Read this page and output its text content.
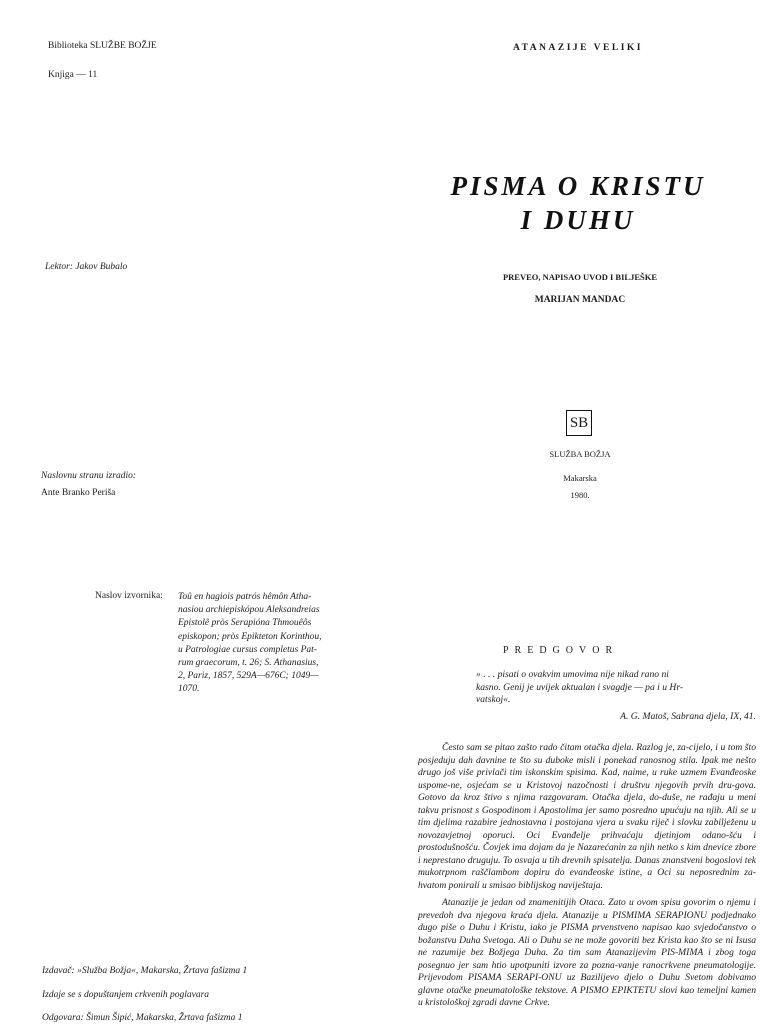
Biblioteka SLUŽBE BOŽJE
Knjiga — 11
Lektor: Jakov Bubalo
Naslovnu stranu izradio:
Ante Branko Periša
Naslov izvornika: Toû en hagiois patrós hêmôn Atha-
nasiou archiepiskópou Aleksandreias
Epistolê pròs Serapióna Thmouêôs
episkopon; pròs Epikteton Korinthou,
u Patrologiae cursus completus Pat-
rum graecorum, t. 26; S. Athanasius,
2, Pariz, 1857, 529A—676C; 1049—
1070.
Izdavač: »Služba Božja«, Makarska, Žrtava fašizma 1
Izdaje se s dopuštanjem crkvenih poglavara
Odgovara: Šimun Šipić, Makarska, Žrtava fašizma 1
ATANAZIJE VELIKI
PISMA O KRISTU
I DUHU
PREVEO, NAPISAO UVOD I BILJEŠKE
MARIJAN MANDAC
SB
SLUŽBA BOŽJA
Makarska
1980.
PREDGOVOR
» . . . pisati o ovakvim umovima nije nikad rano ni
kasno. Genij je uvijek aktualan i svagdje — pa i u Hr-
vatskoj«.
A. G. Matoš, Sabrana djela, IX, 41.

Često sam se pitao zašto rado čitam otačka djela. Razlog je, za-cijelo, i u tom što posjeduju dah davnine te što su duboke misli i ponekad ranosnog stila. Ipak me nešto drugo još više privlači tim iskonskim spisima. Kad, naime, u ruke uzmem Evanđeoske uspome-ne, osjećam se u Kristovoj nazočnosti i društvu njegovih prvih dru-gova. Gotovo da kroz štivo s njima razgovaram. Otačka djela, do-duše, ne rađaju u meni takvu prisnost s Gospodinom i Apostolima jer samo posredno upućuju na njih. Ali se u tim djelima razabire jednostavna i postojana vjera u svaku riječ i slovku zabilježenu u novozavjetnoj oporuci. Oci Evanđelje prihvaćaju djetinjom odano-šću i prostodušnošću. Čovjek ima dojam da je Nazarećanin za njih netko s kim dnevice zbore i neprestano druguju. To osvaja u tih drevnih spisatelja. Danas znanstveni bogoslovi tek mukotrpnom raščlambom dopiru do evanđeoske istine, a Oci su neposrednim za-hvatom poniralí u smisao biblijskog naviještaja.

Atanazije je jedan od znamenitijih Otaca. Zato u ovom spisu govorim o njemu i prevedoh dva njegova kraća djela. Atanazije u PISMIMA SERAPIONU podjednako dugo piše o Duhu i Kristu, iako je PISMA prvenstveno napisao kao svjedočanstvo o božanstvu Duha Svetoga. Ali o Duhu se ne može govoriti bez Krista kao što se ni Isusa ne razumije bez Božjega Duha. Za tim sam Atanazijevim PIS-MIMA i zbog toga posegnuo jer sam htio upotpuniti izvore za pozna-vanje ranocrkvene pneumatologije. Prijevodom PISAMA SERAPI-ONU uz Bazilijevo djelo o Duhu Svetom dobivamo glavne otačke pneumatološke tekstove. A PISMO EPIKTETU slovi kao temeljni kamen u kristološkoj zgradi davne Crkve.
